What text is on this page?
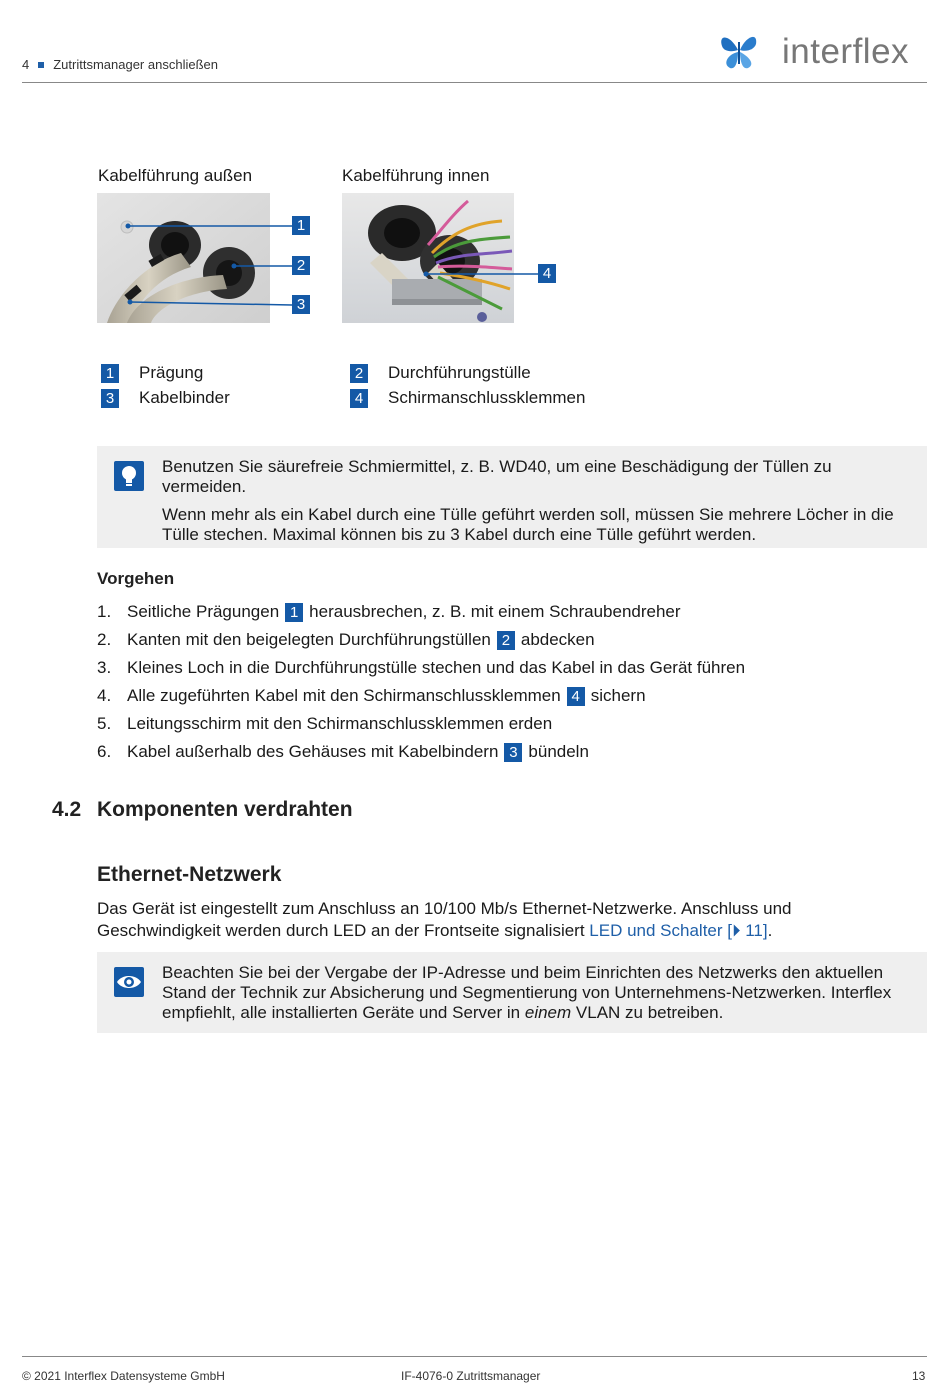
4 Zutrittsmanager anschließen	interflex
Kabelführung außen	Kabelführung innen
1
2
3
4
1 Prägung	2 Durchführungstülle
3 Kabelbinder	4 Schirmanschlussklemmen

Benutzen Sie säurefreie Schmiermittel, z. B. WD40, um eine Beschädigung der Tüllen zu vermeiden.

Wenn mehr als ein Kabel durch eine Tülle geführt werden soll, müssen Sie mehrere Löcher in die Tülle stechen. Maximal können bis zu 3 Kabel durch eine Tülle geführt werden.

Vorgehen
1. Seitliche Prägungen 1 herausbrechen, z. B. mit einem Schraubendreher
2. Kanten mit den beigelegten Durchführungstüllen 2 abdecken
3. Kleines Loch in die Durchführungstülle stechen und das Kabel in das Gerät führen
4. Alle zugeführten Kabel mit den Schirmanschlussklemmen 4 sichern
5. Leitungsschirm mit den Schirmanschlussklemmen erden
6. Kabel außerhalb des Gehäuses mit Kabelbindern 3 bündeln
4.2 Komponenten verdrahten
Ethernet-Netzwerk
Das Gerät ist eingestellt zum Anschluss an 10/100 Mb/s Ethernet-Netzwerke. Anschluss und Geschwindigkeit werden durch LED an der Frontseite signalisiert LED und Schalter [⏵ 11].

Beachten Sie bei der Vergabe der IP-Adresse und beim Einrichten des Netzwerks den aktuellen Stand der Technik zur Absicherung und Segmentierung von Unternehmens-Netzwerken. Interflex empfiehlt, alle installierten Geräte und Server in einem VLAN zu betreiben.

© 2021 Interflex Datensysteme GmbH	IF-4076-0 Zutrittsmanager	13
